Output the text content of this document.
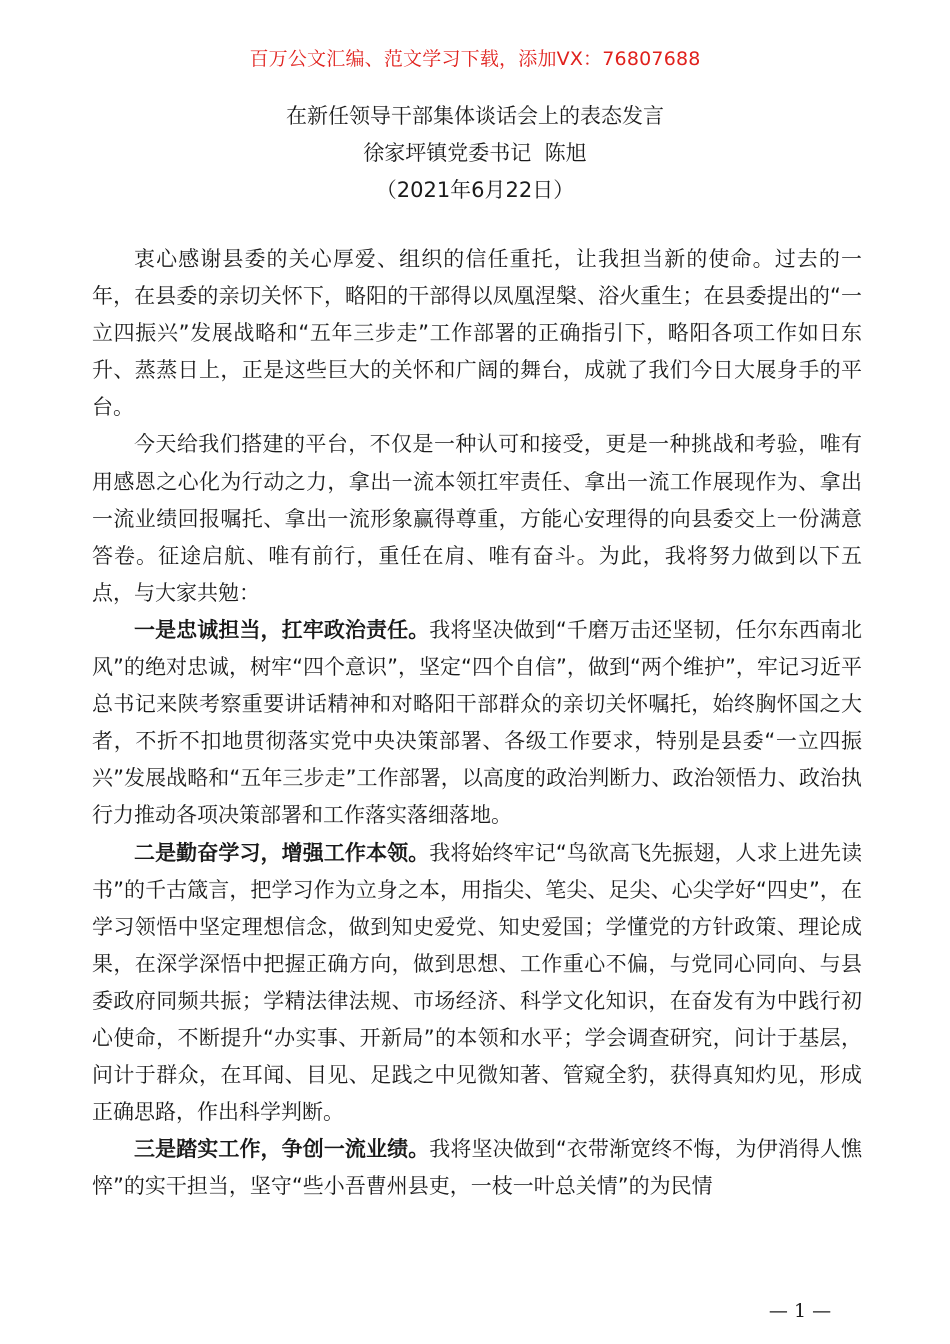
百万公文汇编、范文学习下载，添加VX：76807688
在新任领导干部集体谈话会上的表态发言
徐家坪镇党委书记  陈旭
（2021年6月22日）

衷心感谢县委的关心厚爱、组织的信任重托，让我担当新的使命。过去的一年，在县委的亲切关怀下，略阳的干部得以凤凰涅槃、浴火重生；在县委提出的“一立四振兴”发展战略和“五年三步走”工作部署的正确指引下，略阳各项工作如日东升、蒸蒸日上，正是这些巨大的关怀和广阔的舞台，成就了我们今日大展身手的平台。

今天给我们搭建的平台，不仅是一种认可和接受，更是一种挑战和考验，唯有用感恩之心化为行动之力，拿出一流本领扛牢责任、拿出一流工作展现作为、拿出一流业绩回报嘱托、拿出一流形象赢得尊重，方能心安理得的向县委交上一份满意答卷。征途启航、唯有前行，重任在肩、唯有奋斗。为此，我将努力做到以下五点，与大家共勉：

一是忠诚担当，扛牢政治责任。我将坚决做到“千磨万击还坚韧，任尔东西南北风”的绝对忠诚，树牢“四个意识”，坚定“四个自信”，做到“两个维护”，牢记习近平总书记来陕考察重要讲话精神和对略阳干部群众的亲切关怀嘱托，始终胸怀国之大者，不折不扣地贯彻落实党中央决策部署、各级工作要求，特别是县委“一立四振兴”发展战略和“五年三步走”工作部署，以高度的政治判断力、政治领悟力、政治执行力推动各项决策部署和工作落实落细落地。

二是勤奋学习，增强工作本领。我将始终牢记“鸟欲高飞先振翅，人求上进先读书”的千古箴言，把学习作为立身之本，用指尖、笔尖、足尖、心尖学好“四史”，在学习领悟中坚定理想信念，做到知史爱党、知史爱国；学懂党的方针政策、理论成果，在深学深悟中把握正确方向，做到思想、工作重心不偏，与党同心同向、与县委政府同频共振；学精法律法规、市场经济、科学文化知识，在奋发有为中践行初心使命，不断提升“办实事、开新局”的本领和水平；学会调查研究，问计于基层，问计于群众，在耳闻、目见、足践之中见微知著、管窥全豹，获得真知灼见，形成正确思路，作出科学判断。

三是踏实工作，争创一流业绩。我将坚决做到“衣带渐宽终不悔，为伊消得人憔悴”的实干担当，坚守“些小吾曹州县吏，一枝一叶总关情”的为民情

— 1 —
